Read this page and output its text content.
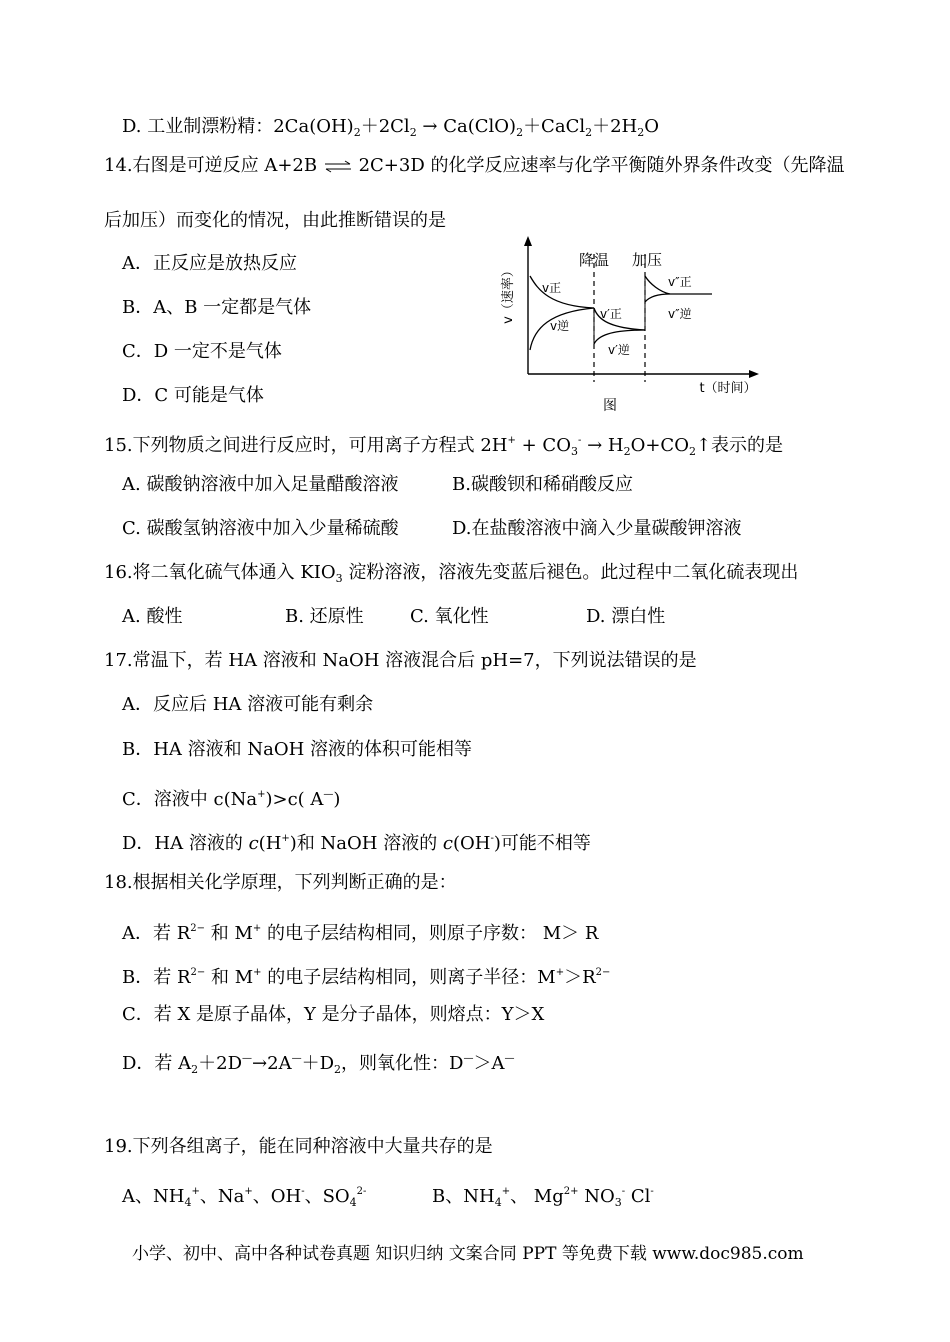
D. 工业制漂粉精：$2Ca(OH)_2+2Cl_2$ → $Ca(ClO)_2+CaCl_2+2H_2O$
14.右图是可逆反应 A+2B ⇌ 2C+3D 的化学反应速率与化学平衡随外界条件改变（先降温
后加压）而变化的情况，由此推断错误的是
A．正反应是放热反应
B．A、B 一定都是气体
C．D 一定不是气体
D．C 可能是气体
v（速率）
降温 加压
v正
v逆
v′正
v′逆
v″正
v″逆
t（时间）
图
15.下列物质之间进行反应时，可用离子方程式 $2H^+ + CO_3^-$ → $H_2O+CO_2↑$表示的是
A. 碳酸钠溶液中加入足量醋酸溶液	B.碳酸钡和稀硝酸反应
C. 碳酸氢钠溶液中加入少量稀硫酸	D.在盐酸溶液中滴入少量碳酸钾溶液
16.将二氧化硫气体通入 $KIO_3$ 淀粉溶液，溶液先变蓝后褪色。此过程中二氧化硫表现出
A. 酸性	B. 还原性	C. 氧化性	D. 漂白性
17.常温下，若 HA 溶液和 NaOH 溶液混合后 pH=7，下列说法错误的是
A．反应后 HA 溶液可能有剩余
B．HA 溶液和 NaOH 溶液的体积可能相等
C．溶液中 c(Na+)>c( A—)
D．HA 溶液的 c(H+)和 NaOH 溶液的 c(OH-)可能不相等
18.根据相关化学原理，下列判断正确的是：
A．若 $R^{2-}$ 和 M+ 的电子层结构相同，则原子序数： M＞ R
B．若 $R^{2-}$ 和 M+ 的电子层结构相同，则离子半径：$M^+>R^{2-}$
C．若 X 是原子晶体，Y 是分子晶体，则熔点：Y＞X
D．若 $A_2+2D^—\to 2A^—+D_2$，则氧化性：D—＞A—
19.下列各组离子，能在同种溶液中大量共存的是
A、$NH_4^+$、Na+、OH-、$SO_4^{2-}$	B、$NH_4^+$、 $Mg^{2+}$ $NO_3^-$ Cl-
小学、初中、高中各种试卷真题 知识归纳 文案合同 PPT 等免费下载 www.doc985.com
